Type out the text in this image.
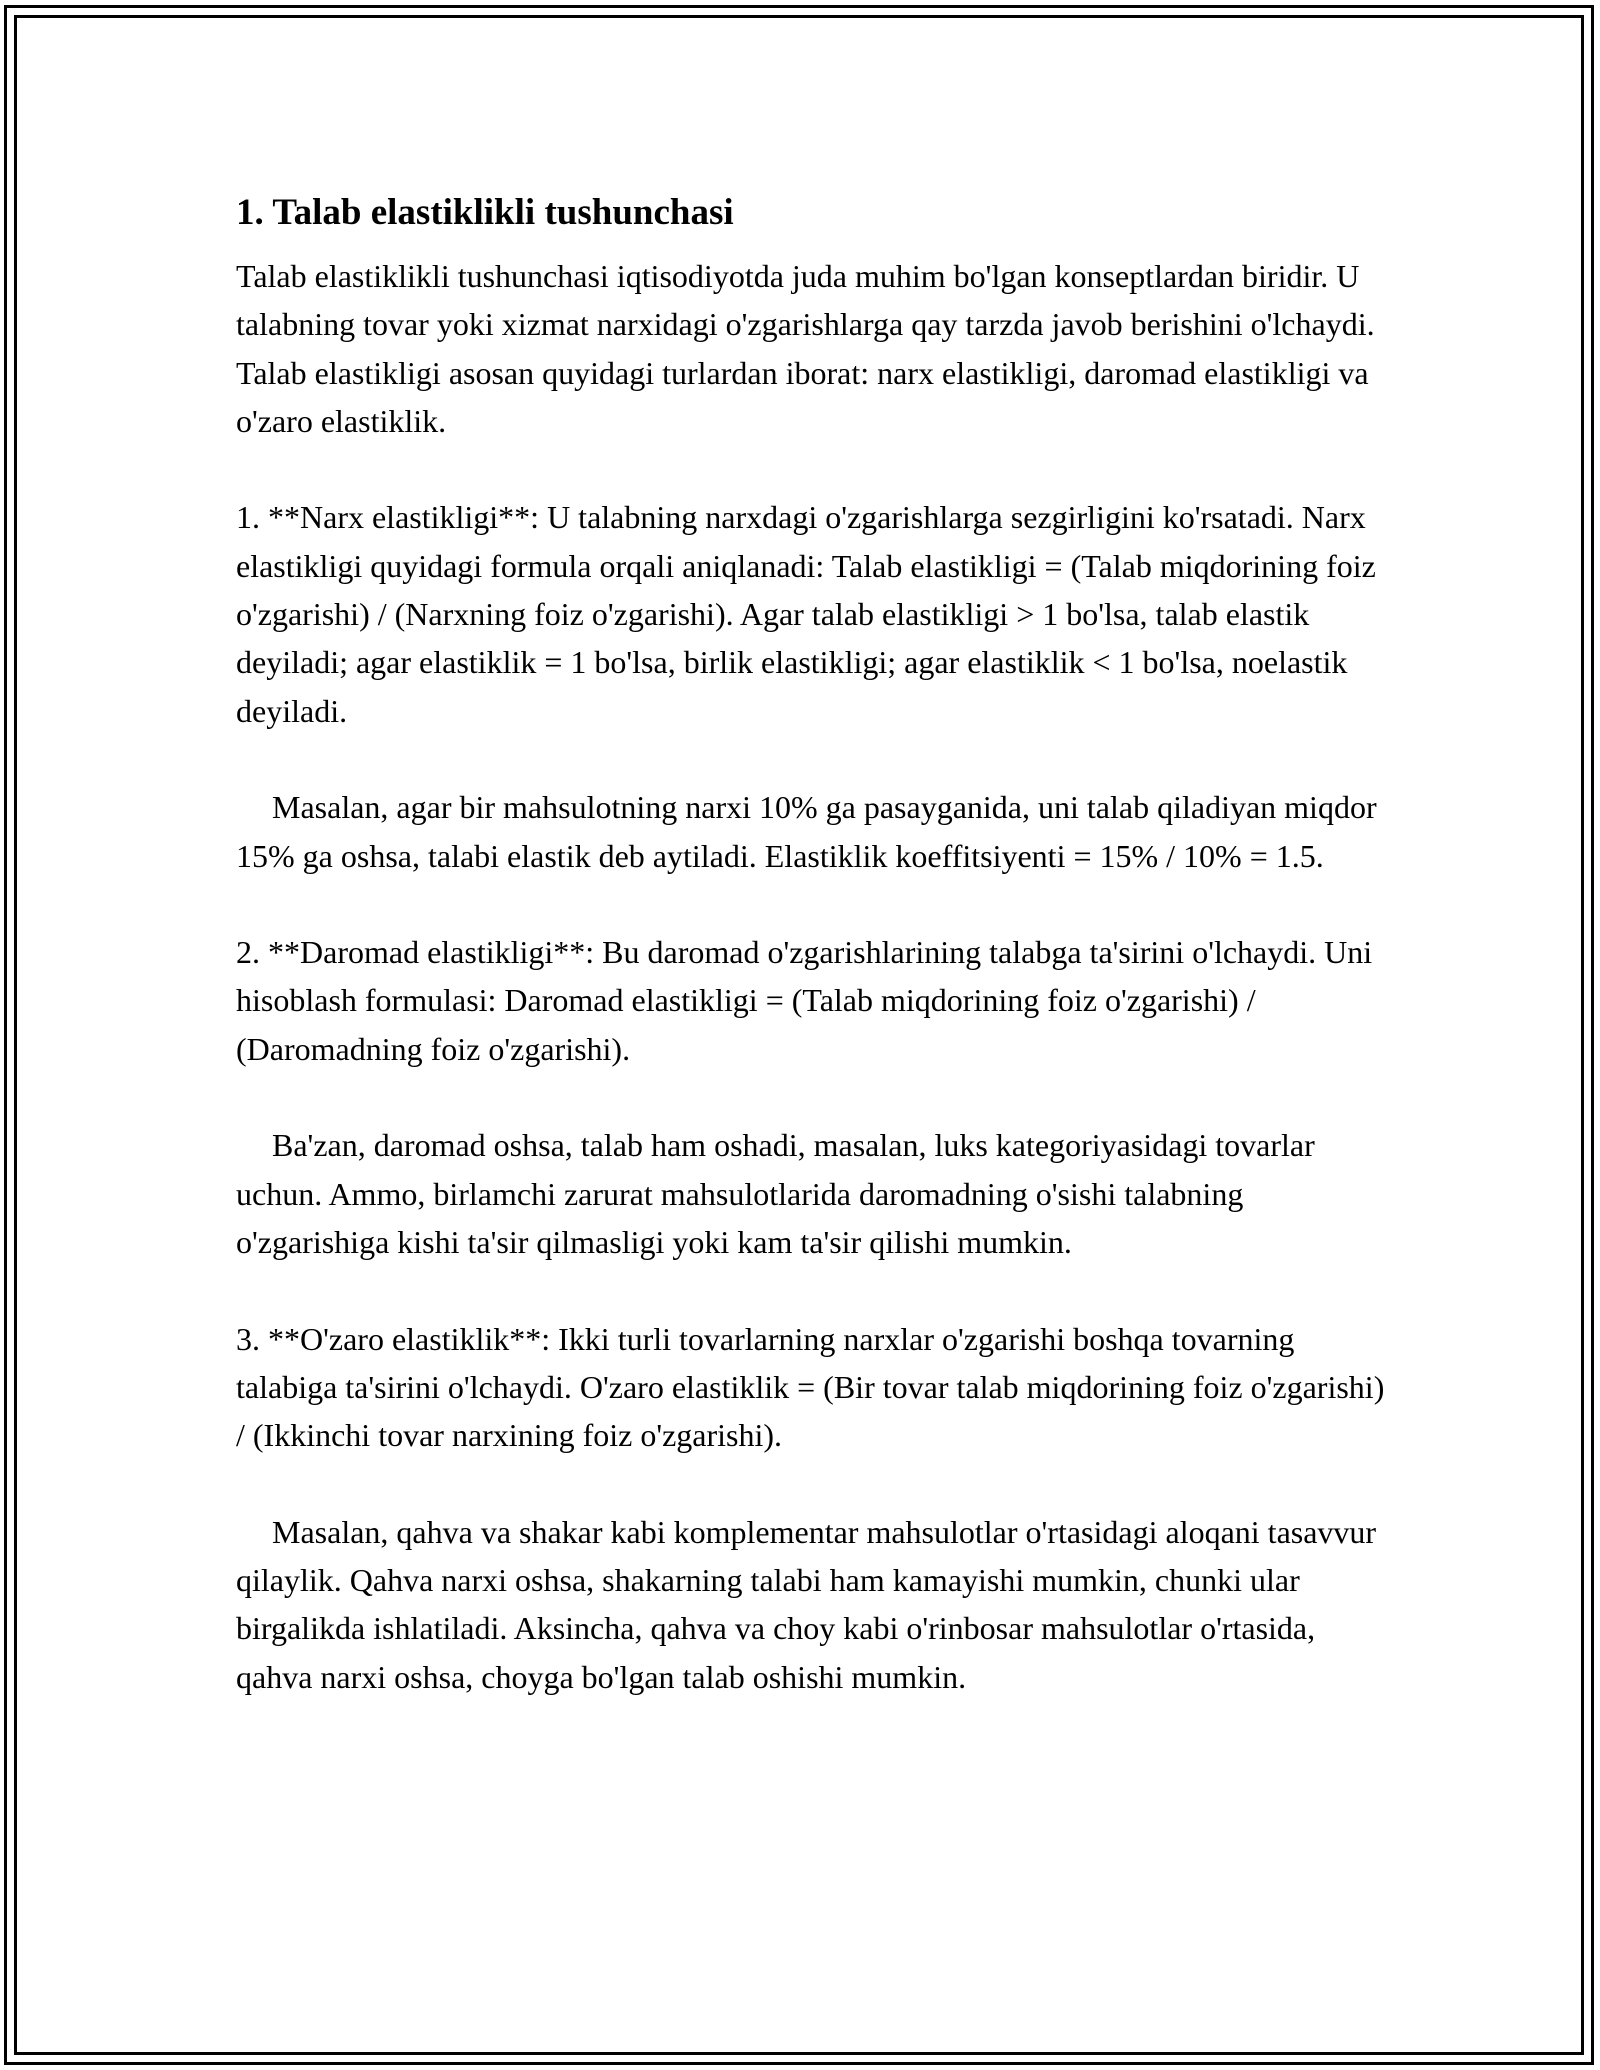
1. Talab elastiklikli tushunchasi

Talab elastiklikli tushunchasi iqtisodiyotda juda muhim bo'lgan konseptlardan biridir. U talabning tovar yoki xizmat narxidagi o'zgarishlarga qay tarzda javob berishini o'lchaydi. Talab elastikligi asosan quyidagi turlardan iborat: narx elastikligi, daromad elastikligi va o'zaro elastiklik.

1. **Narx elastikligi**: U talabning narxdagi o'zgarishlarga sezgirligini ko'rsatadi. Narx elastikligi quyidagi formula orqali aniqlanadi: Talab elastikligi = (Talab miqdorining foiz o'zgarishi) / (Narxning foiz o'zgarishi). Agar talab elastikligi > 1 bo'lsa, talab elastik deyiladi; agar elastiklik = 1 bo'lsa, birlik elastikligi; agar elastiklik < 1 bo'lsa, noelastik deyiladi.

Masalan, agar bir mahsulotning narxi 10% ga pasayganida, uni talab qiladiyan miqdor 15% ga oshsa, talabi elastik deb aytiladi. Elastiklik koeffitsiyenti = 15% / 10% = 1.5.

2. **Daromad elastikligi**: Bu daromad o'zgarishlarining talabga ta'sirini o'lchaydi. Uni hisoblash formulasi: Daromad elastikligi = (Talab miqdorining foiz o'zgarishi) / (Daromadning foiz o'zgarishi).

Ba'zan, daromad oshsa, talab ham oshadi, masalan, luks kategoriyasidagi tovarlar uchun. Ammo, birlamchi zarurat mahsulotlarida daromadning o'sishi talabning o'zgarishiga kishi ta'sir qilmasligi yoki kam ta'sir qilishi mumkin.

3. **O'zaro elastiklik**: Ikki turli tovarlarning narxlar o'zgarishi boshqa tovarning talabiga ta'sirini o'lchaydi. O'zaro elastiklik = (Bir tovar talab miqdorining foiz o'zgarishi) / (Ikkinchi tovar narxining foiz o'zgarishi).

Masalan, qahva va shakar kabi komplementar mahsulotlar o'rtasidagi aloqani tasavvur qilaylik. Qahva narxi oshsa, shakarning talabi ham kamayishi mumkin, chunki ular birgalikda ishlatiladi. Aksincha, qahva va choy kabi o'rinbosar mahsulotlar o'rtasida, qahva narxi oshsa, choyga bo'lgan talab oshishi mumkin.
